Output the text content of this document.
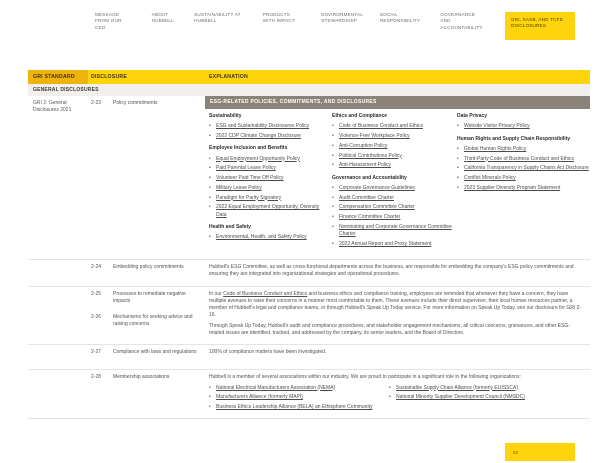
MESSAGE FROM OUR CEO
ABOUT HUBBELL
SUSTAINABILITY AT HUBBELL
PRODUCTS WITH IMPACT
ENVIRONMENTAL STEWARDSHIP
SOCIAL RESPONSIBILITY
GOVERNANCE AND ACCOUNTABILITY
GRI, SASB, AND TCFD DISCLOSURES
GRI STANDARD	DISCLOSURE	EXPLANATION
GENERAL DISCLOSURES
GRI 2: General Disclosures 2021
2-23	Policy commitments	ESG-RELATED POLICIES, COMMITMENTS, AND DISCLOSURES
Sustainability
• ESG and Sustainability Disclosures Policy
• 2022 CDP Climate Change Disclosure
Employee Inclusion and Benefits
• Equal Employment Opportunity Policy
• Paid Parental Leave Policy
• Volunteer Paid Time Off Policy
• Military Leave Policy
• Paradigm for Parity Signatory
• 2022 Equal Employment Opportunity, Diversity Data
Health and Safety
• Environmental, Health, and Safety Policy
Ethics and Compliance
• Code of Business Conduct and Ethics
• Violence-Free Workplace Policy
• Anti-Corruption Policy
• Political Contributions Policy
• Anti-Harassment Policy
Governance and Accountability
• Corporate Governance Guidelines
• Audit Committee Charter
• Compensation Committee Charter
• Finance Committee Charter
• Nominating and Corporate Governance Committee Charter
• 2022 Annual Report and Proxy Statement
Data Privacy
• Website Visitor Privacy Policy
Human Rights and Supply Chain Responsibility
• Global Human Rights Policy
• Third-Party Code of Business Conduct and Ethics
• California Transparency in Supply Chains Act Disclosure
• Conflict Minerals Policy
• 2023 Supplier Diversity Program Statement
2-24	Embedding policy commitments	Hubbell's ESG Committee, as well as cross-functional departments across the business, are responsible for embedding the company's ESG policy commitments and ensuring they are integrated into organizational strategies and operational procedures.

2-25	Processes to remediate negative impacts
2-26	Mechanisms for seeking advice and raising concerns

In our Code of Business Conduct and Ethics and business ethics and compliance training, employees are reminded that whenever they have a concern, they have multiple avenues to raise their concerns in a manner most comfortable to them. These avenues include their direct supervisor, their local human resources partner, a member of Hubbell's legal and compliance teams, or through Hubbell's Speak Up Today service. For more information on Speak Up Today, see our disclosure for GRI 2-16.

Through Speak Up Today, Hubbell's audit and compliance procedures, and stakeholder engagement mechanisms, all critical concerns, grievances, and other ESG-related issues are identified, tracked, and addressed by the company, its senior leaders, and the Board of Directors.

2-27	Compliance with laws and regulations	100% of compliance matters have been investigated.

2-28	Membership associations	Hubbell is a member of several associations within our industry. We are proud to participate in a significant role in the following organizations:

• National Electrical Manufacturers Association (NEMA)
• Manufacturers Alliance (formerly MAPI)
• Business Ethics Leadership Alliance (BELA) an Ethisphere Community
• Sustainable Supply Chain Alliance (formerly EUISSCA)
• National Minority Supplier Development Council (NMSDC)
93
